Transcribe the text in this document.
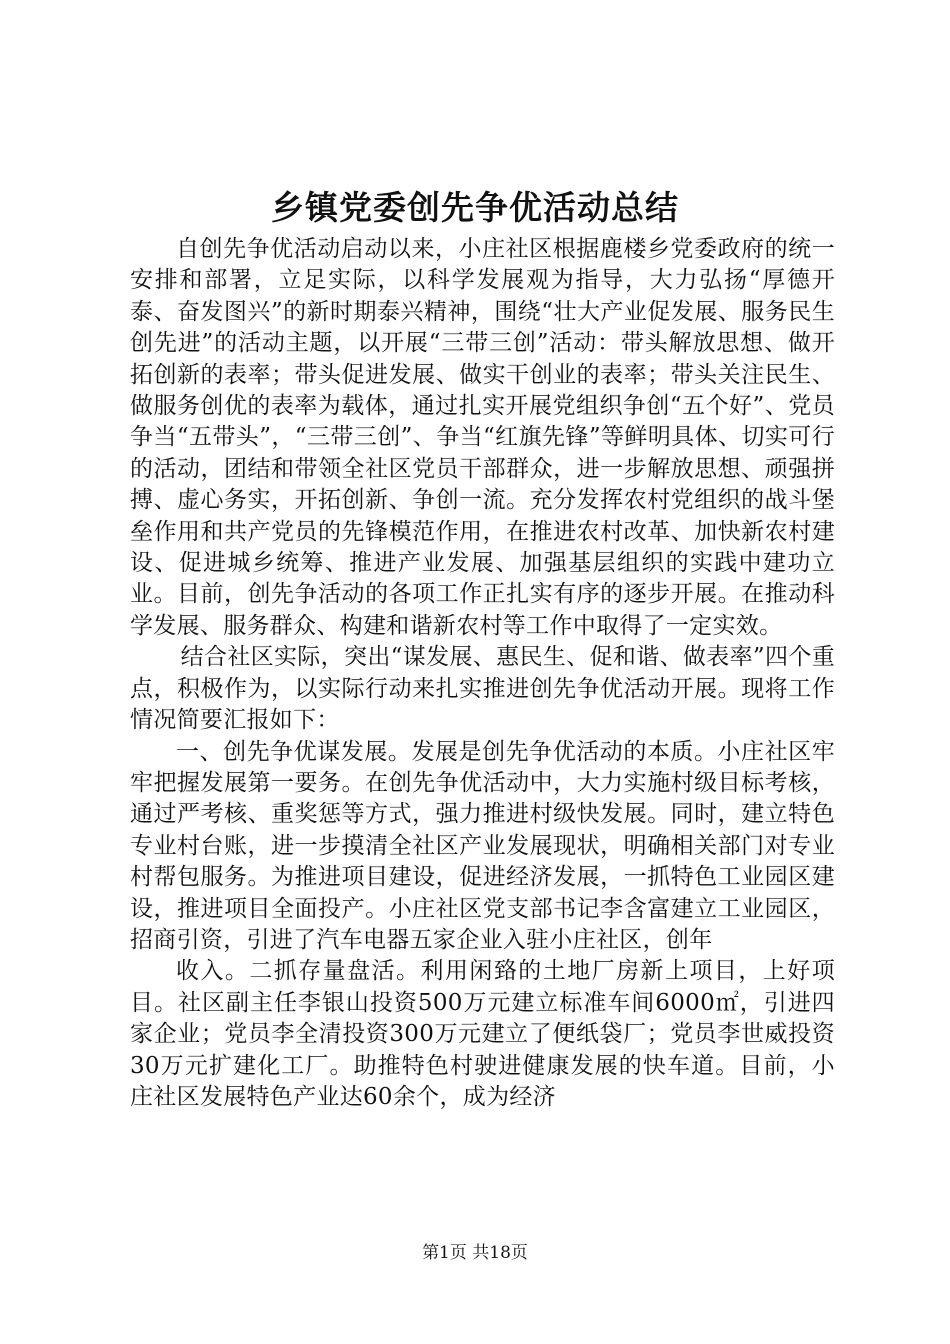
乡镇党委创先争优活动总结

自创先争优活动启动以来，小庄社区根据鹿楼乡党委政府的统一安排和部署，立足实际，以科学发展观为指导，大力弘扬“厚德开泰、奋发图兴”的新时期泰兴精神，围绕“壮大产业促发展、服务民生创先进”的活动主题，以开展“三带三创”活动：带头解放思想、做开拓创新的表率；带头促进发展、做实干创业的表率；带头关注民生、做服务创优的表率为载体，通过扎实开展党组织争创“五个好”、党员争当“五带头”，“三带三创”、争当“红旗先锋”等鲜明具体、切实可行的活动，团结和带领全社区党员干部群众，进一步解放思想、顽强拼搏、虚心务实，开拓创新、争创一流。充分发挥农村党组织的战斗堡垒作用和共产党员的先锋模范作用，在推进农村改革、加快新农村建设、促进城乡统筹、推进产业发展、加强基层组织的实践中建功立业。目前，创先争活动的各项工作正扎实有序的逐步开展。在推动科学发展、服务群众、构建和谐新农村等工作中取得了一定实效。

结合社区实际，突出“谋发展、惠民生、促和谐、做表率”四个重点，积极作为，以实际行动来扎实推进创先争优活动开展。现将工作情况简要汇报如下：

一、创先争优谋发展。发展是创先争优活动的本质。小庄社区牢牢把握发展第一要务。在创先争优活动中，大力实施村级目标考核，通过严考核、重奖惩等方式，强力推进村级快发展。同时，建立特色专业村台账，进一步摸清全社区产业发展现状，明确相关部门对专业村帮包服务。为推进项目建设，促进经济发展，一抓特色工业园区建设，推进项目全面投产。小庄社区党支部书记李含富建立工业园区，招商引资，引进了汽车电器五家企业入驻小庄社区，创年

收入。二抓存量盘活。利用闲臵的土地厂房新上项目，上好项目。社区副主任李银山投资500万元建立标准车间6000㎡，引进四家企业；党员李全清投资300万元建立了便纸袋厂；党员李世威投资30万元扩建化工厂。助推特色村驶进健康发展的快车道。目前，小庄社区发展特色产业达60余个，成为经济

第1页 共18页
